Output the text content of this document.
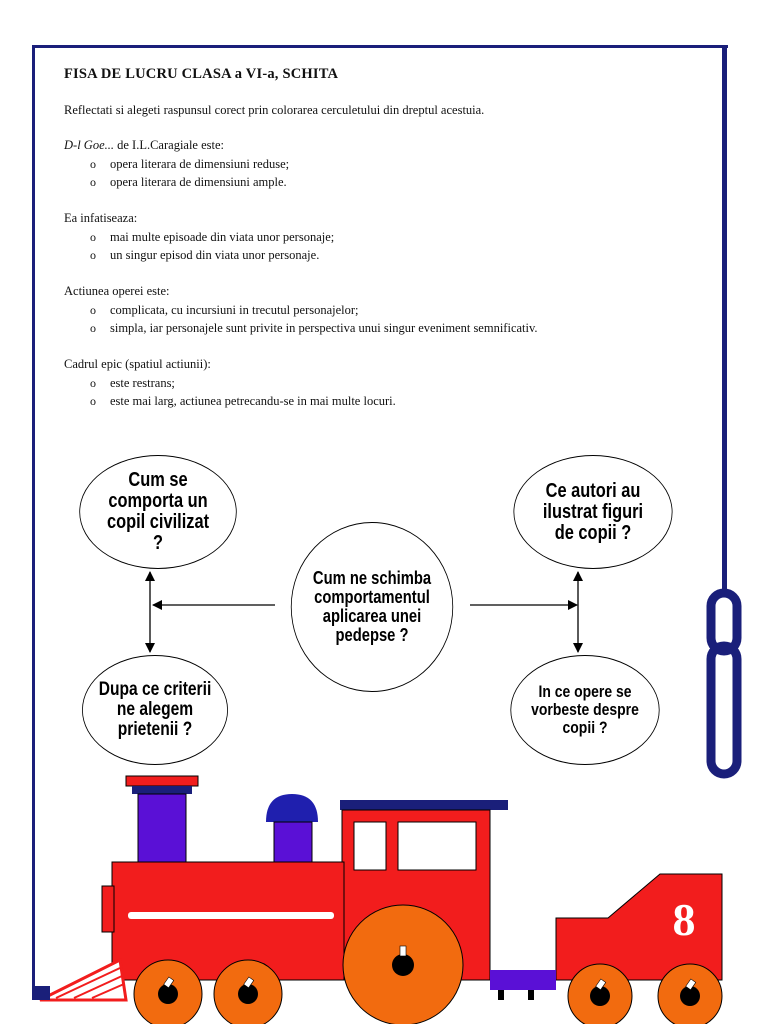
FISA DE LUCRU CLASA a VI-a, SCHITA

Reflectati si alegeti raspunsul corect prin colorarea cerculetului din dreptul acestuia.

D-l Goe... de I.L.Caragiale este:

o opera literara de dimensiuni reduse;
o opera literara de dimensiuni ample.

Ea infatiseaza:

o mai multe episoade din viata unor personaje;
o un singur episod din viata unor personaje.

Actiunea operei este:

o complicata, cu incursiuni in trecutul personajelor;
o simpla, iar personajele sunt privite in perspectiva unui singur eveniment semnificativ.

Cadrul epic (spatiul actiunii):

o este restrans;
o este mai larg, actiunea petrecandu-se in mai multe locuri.
8
Cum se comporta un copil civilizat ?
Dupa ce criterii ne alegem prietenii ?
Cum ne schimba comportamentul aplicarea unei pedepse ?
Ce autori au ilustrat figuri de copii ?
In ce opere se vorbeste despre copii ?
